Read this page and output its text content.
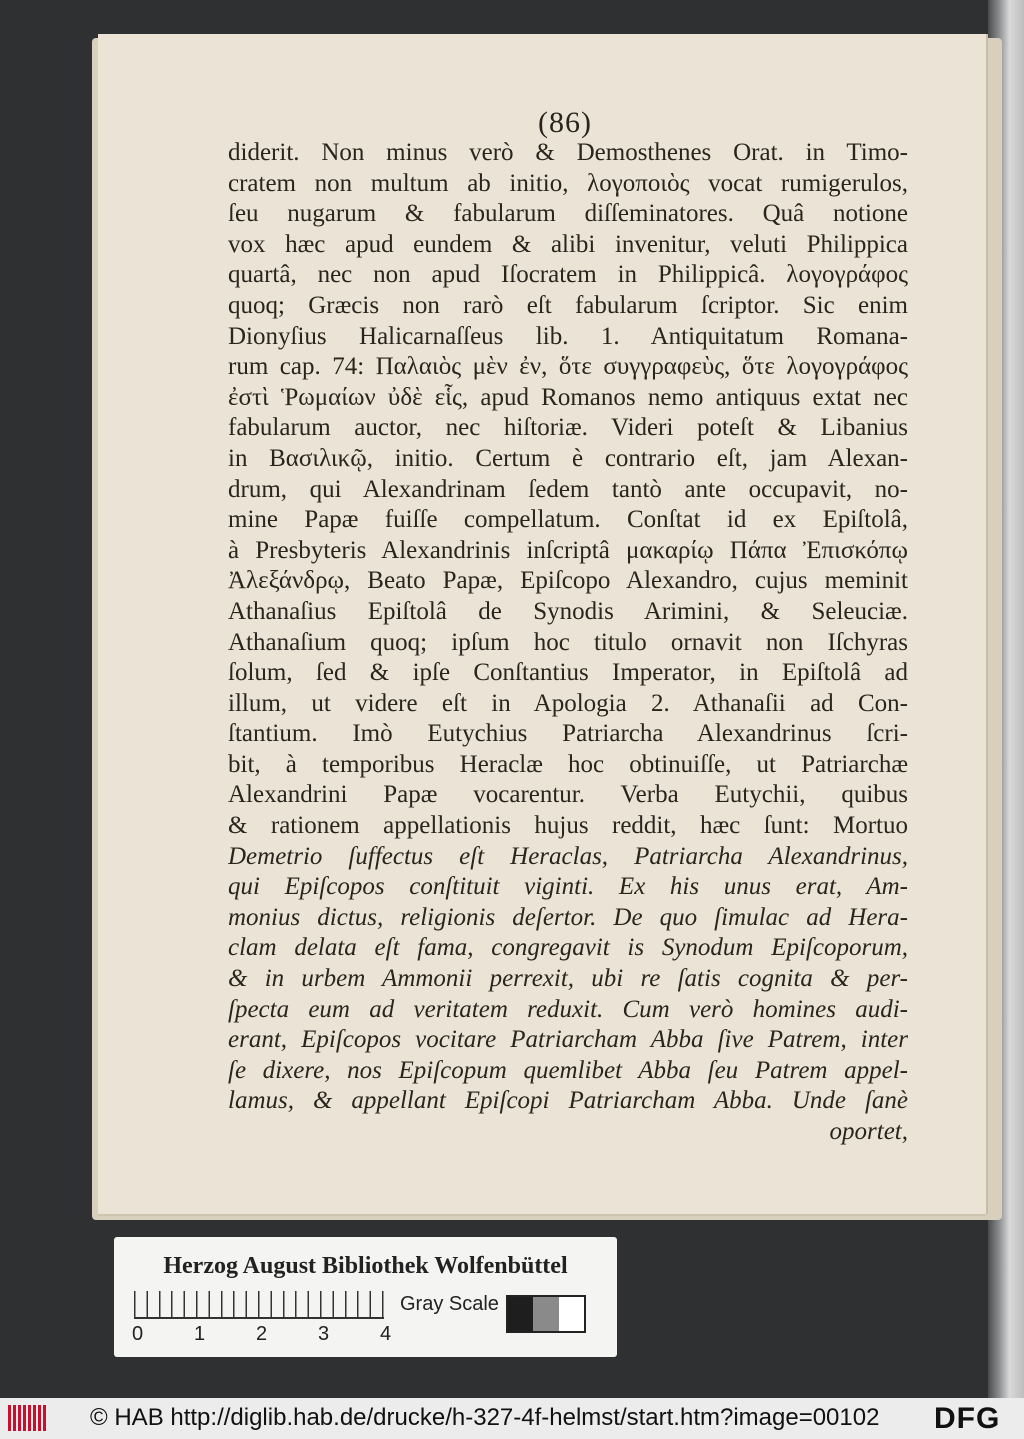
(86)
diderit. Non minus verò & Demosthenes Orat. in Timo-
cratem non multum ab initio, λογοποιὸς vocat rumigerulos,
ſeu nugarum & fabularum diſſeminatores. Quâ notione
vox hæc apud eundem & alibi invenitur, veluti Philippica
quartâ, nec non apud Iſocratem in Philippicâ. λογογράφος
quoq; Græcis non rarò eſt fabularum ſcriptor. Sic enim
Dionyſius Halicarnaſſeus lib. 1. Antiquitatum Romana-
rum cap. 74: Παλαιὸς μὲν ἐν, ὅτε συγγραφεὺς, ὅτε λογογράφος
ἐστὶ Ῥωμαίων ὐδὲ εἷς, apud Romanos nemo antiquus extat nec
fabularum auctor, nec hiſtoriæ. Videri poteſt & Libanius
in Βασιλικῷ, initio. Certum è contrario eſt, jam Alexan-
drum, qui Alexandrinam ſedem tantò ante occupavit, no-
mine Papæ fuiſſe compellatum. Conſtat id ex Epiſtolâ,
à Presbyteris Alexandrinis inſcriptâ μακαρίῳ Πάπα Ἐπισκόπῳ
Ἀλεξάνδρῳ, Beato Papæ, Epiſcopo Alexandro, cujus meminit
Athanaſius Epiſtolâ de Synodis Arimini, & Seleuciæ.
Athanaſium quoq; ipſum hoc titulo ornavit non Iſchyras
ſolum, ſed & ipſe Conſtantius Imperator, in Epiſtolâ ad
illum, ut videre eſt in Apologia 2. Athanaſii ad Con-
ſtantium. Imò Eutychius Patriarcha Alexandrinus ſcri-
bit, à temporibus Heraclæ hoc obtinuiſſe, ut Patriarchæ
Alexandrini Papæ vocarentur. Verba Eutychii, quibus
& rationem appellationis hujus reddit, hæc ſunt: Mortuo
Demetrio ſuffectus eſt Heraclas, Patriarcha Alexandrinus,
qui Epiſcopos conſtituit viginti. Ex his unus erat, Am-
monius dictus, religionis deſertor. De quo ſimulac ad Hera-
clam delata eſt fama, congregavit is Synodum Epiſcoporum,
& in urbem Ammonii perrexit, ubi re ſatis cognita & per-
ſpecta eum ad veritatem reduxit. Cum verò homines audi-
erant, Epiſcopos vocitare Patriarcham Abba ſive Patrem, inter
ſe dixere, nos Epiſcopum quemlibet Abba ſeu Patrem appel-
lamus, & appellant Epiſcopi Patriarcham Abba. Unde ſanè
oportet,
Herzog August Bibliothek Wolfenbüttel
0	1	2	3	4
Gray Scale
© HAB http://diglib.hab.de/drucke/h-327-4f-helmst/start.htm?image=00102 DFG
